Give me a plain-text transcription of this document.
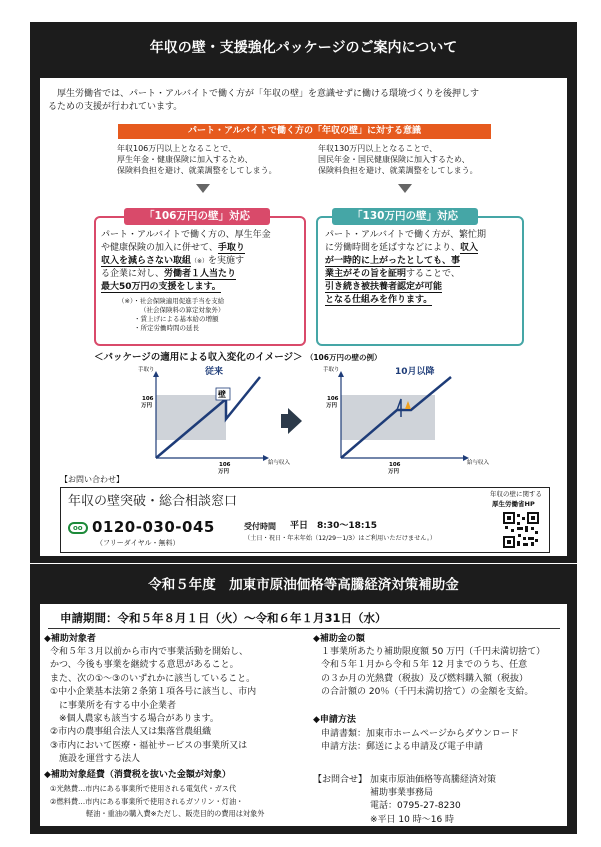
年収の壁・支援強化パッケージのご案内について
　厚生労働省では、パート・アルバイトで働く方が「年収の壁」を意識せずに働ける環境づくりを後押しす
るための支援が行われています。
パート・アルバイトで働く方の「年収の壁」に対する意識
年収106万円以上となることで、
厚生年金・健康保険に加入するため、
保険料負担を避け、就業調整をしてしまう。
年収130万円以上となることで、
国民年金・国民健康保険に加入するため、
保険料負担を避け、就業調整をしてしまう。
「106万円の壁」対応
パート・アルバイトで働く方の、厚生年金
や健康保険の加入に併せて、手取り
収入を減らさない取組（※）を実施す
る企業に対し、労働者１人当たり
最大50万円の支援をします。
（※）・社会保険適用促進手当を支給
（社会保険料の算定対象外）
・賃上げによる基本給の増額
・所定労働時間の延長
「130万円の壁」対応
パート・アルバイトで働く方が、繁忙期
に労働時間を延ばすなどにより、収入
が一時的に上がったとしても、事
業主がその旨を証明することで、
引き続き被扶養者認定が可能
となる仕組みを作ります。
＜パッケージの適用による収入変化のイメージ＞ （106万円の壁の例）
手取り	従来
106
万円
壁
106
万円
給与収入
手取り	10月以降
106
万円
106
万円
給与収入
【お問い合わせ】
年収の壁突破・総合相談窓口
oo 0120-030-045
（フリーダイヤル・無料）
受付時間 平日　8:30～18:15
（土日・祝日・年末年始（12/29～1/3）はご利用いただけません。）
年収の壁に関する
厚生労働省HP
令和５年度　加東市原油価格等高騰経済対策補助金
申請期間：令和５年８月１日（火）～令和６年１月31日（水）
◆補助対象者
令和５年３月以前から市内で事業活動を開始し、
かつ、今後も事業を継続する意思があること。
また、次の①～③のいずれかに該当していること。
①中小企業基本法第２条第１項各号に該当し、市内
　に事業所を有する中小企業者
　※個人農家も該当する場合があります。
②市内の農事組合法人又は集落営農組織
③市内において医療・福祉サービスの事業所又は
　施設を運営する法人
◆補助対象経費（消費税を抜いた金額が対象）
①光熱費…市内にある事業所で使用される電気代・ガス代
②燃料費…市内にある事業所で使用されるガソリン・灯油・
　　　　　軽油・重油の購入費※ただし、販売目的の費用は対象外
◆補助金の額
１事業所あたり補助限度額 50 万円（千円未満切捨て）
令和５年１月から令和５年 12 月までのうち、任意
の３か月の光熱費（税抜）及び燃料購入額（税抜）
の合計額の 20％（千円未満切捨て）の金額を支給。
◆申請方法
申請書類：加東市ホームページからダウンロード
申請方法：郵送による申請及び電子申請
【お問合せ】 加東市原油価格等高騰経済対策
補助事業事務局
電話：0795-27-8230
※平日 10 時～16 時
